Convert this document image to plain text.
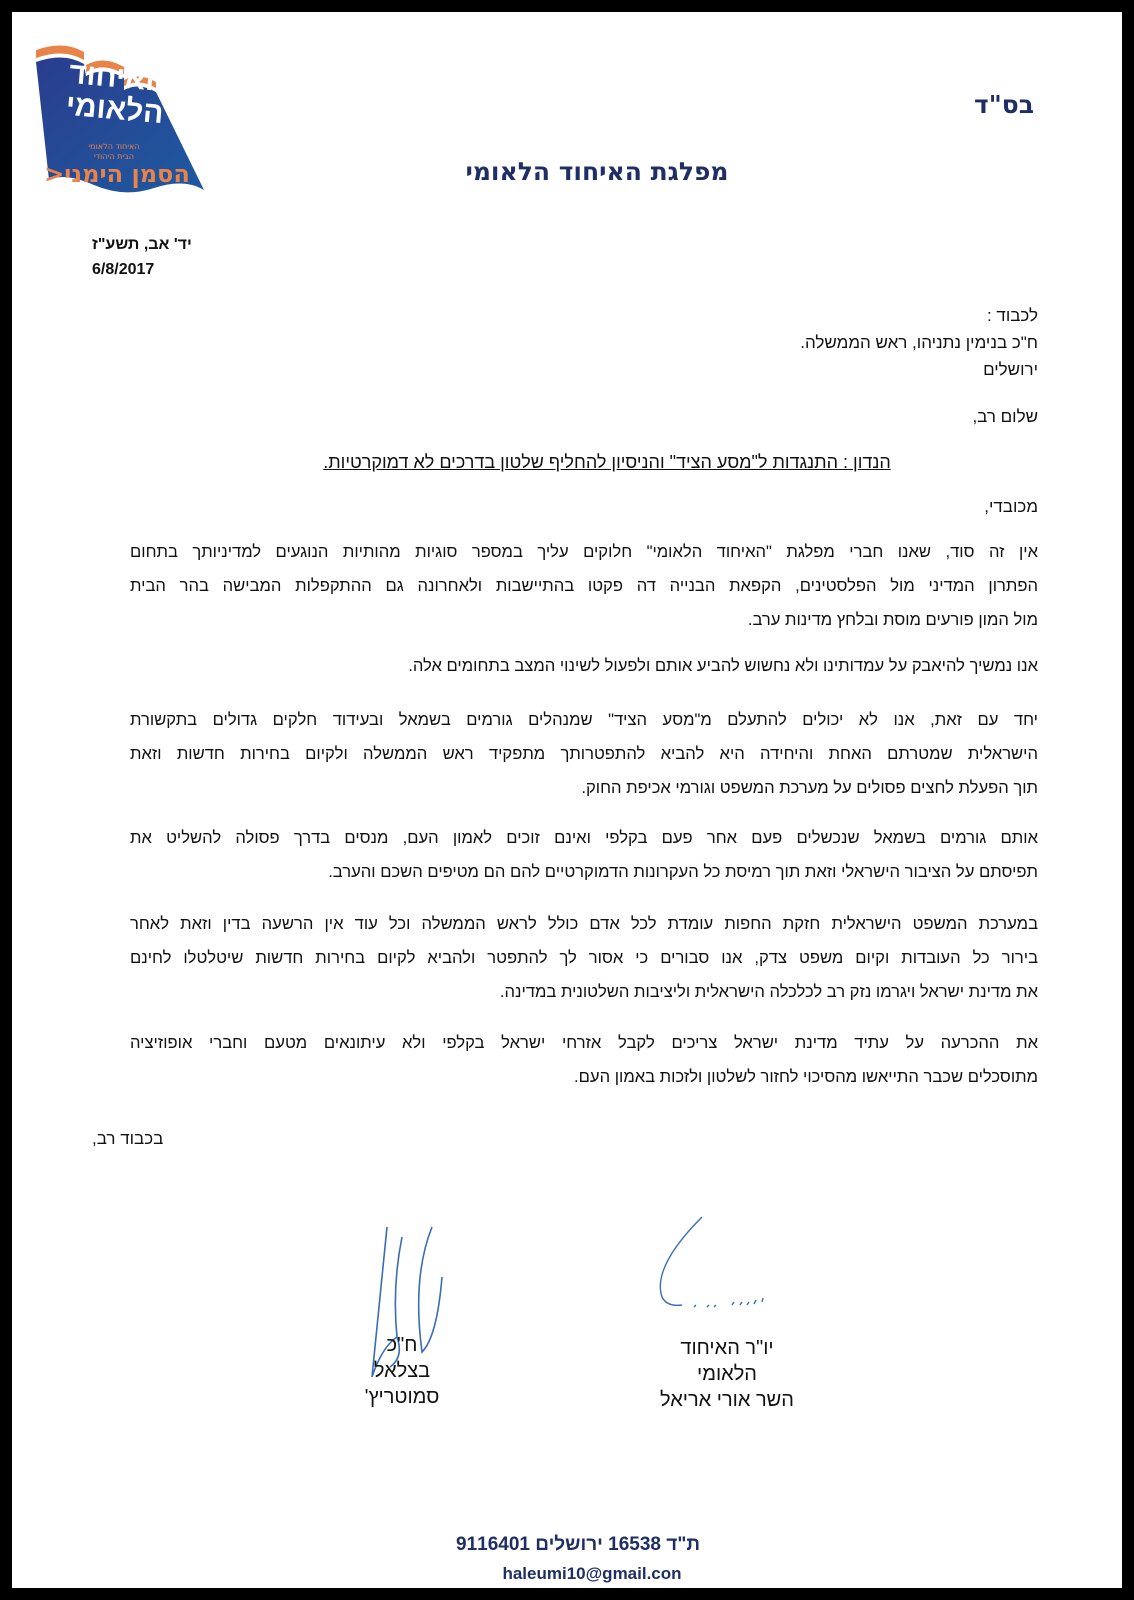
האיחוד
הלאומי
האיחוד הלאומי
הבית היהודי
הסמן הימני<
בס"ד
מפלגת האיחוד הלאומי
יד' אב, תשע"ז
6/8/2017
לכבוד :
ח"כ בנימין נתניהו, ראש הממשלה.
ירושלים
שלום רב,
הנדון : התנגדות ל"מסע הציד" והניסיון להחליף שלטון בדרכים לא דמוקרטיות.
מכובדי,
אין זה סוד, שאנו חברי מפלגת "האיחוד הלאומי" חלוקים עליך במספר סוגיות מהותיות הנוגעים למדיניותך בתחום
הפתרון המדיני מול הפלסטינים, הקפאת הבנייה דה פקטו בהתיישבות ולאחרונה גם ההתקפלות המבישה בהר הבית
מול המון פורעים מוסת ובלחץ מדינות ערב.
אנו נמשיך להיאבק על עמדותינו ולא נחשוש להביע אותם ולפעול לשינוי המצב בתחומים אלה.
יחד עם זאת, אנו לא יכולים להתעלם מ"מסע הציד" שמנהלים גורמים בשמאל ובעידוד חלקים גדולים בתקשורת
הישראלית שמטרתם האחת והיחידה היא להביא להתפטרותך מתפקיד ראש הממשלה ולקיום בחירות חדשות וזאת
תוך הפעלת לחצים פסולים על מערכת המשפט וגורמי אכיפת החוק.
אותם גורמים בשמאל שנכשלים פעם אחר פעם בקלפי ואינם זוכים לאמון העם, מנסים בדרך פסולה להשליט את
תפיסתם על הציבור הישראלי וזאת תוך רמיסת כל העקרונות הדמוקרטיים להם הם מטיפים השכם והערב.
במערכת המשפט הישראלית חזקת החפות עומדת לכל אדם כולל לראש הממשלה וכל עוד אין הרשעה בדין וזאת לאחר
בירור כל העובדות וקיום משפט צדק, אנו סבורים כי אסור לך להתפטר ולהביא לקיום בחירות חדשות שיטלטלו לחינם
את מדינת ישראל ויגרמו נזק רב לכלכלה הישראלית וליציבות השלטונית במדינה.
את ההכרעה על עתיד מדינת ישראל צריכים לקבל אזרחי ישראל בקלפי ולא עיתונאים מטעם וחברי אופוזיציה
מתוסכלים שכבר התייאשו מהסיכוי לחזור לשלטון ולזכות באמון העם.
בכבוד רב,
ח"כ
בצלאל
סמוטריץ'
יו"ר האיחוד
הלאומי
השר אורי אריאל
ת"ד 16538 ירושלים 9116401
haleumi10@gmail.con
